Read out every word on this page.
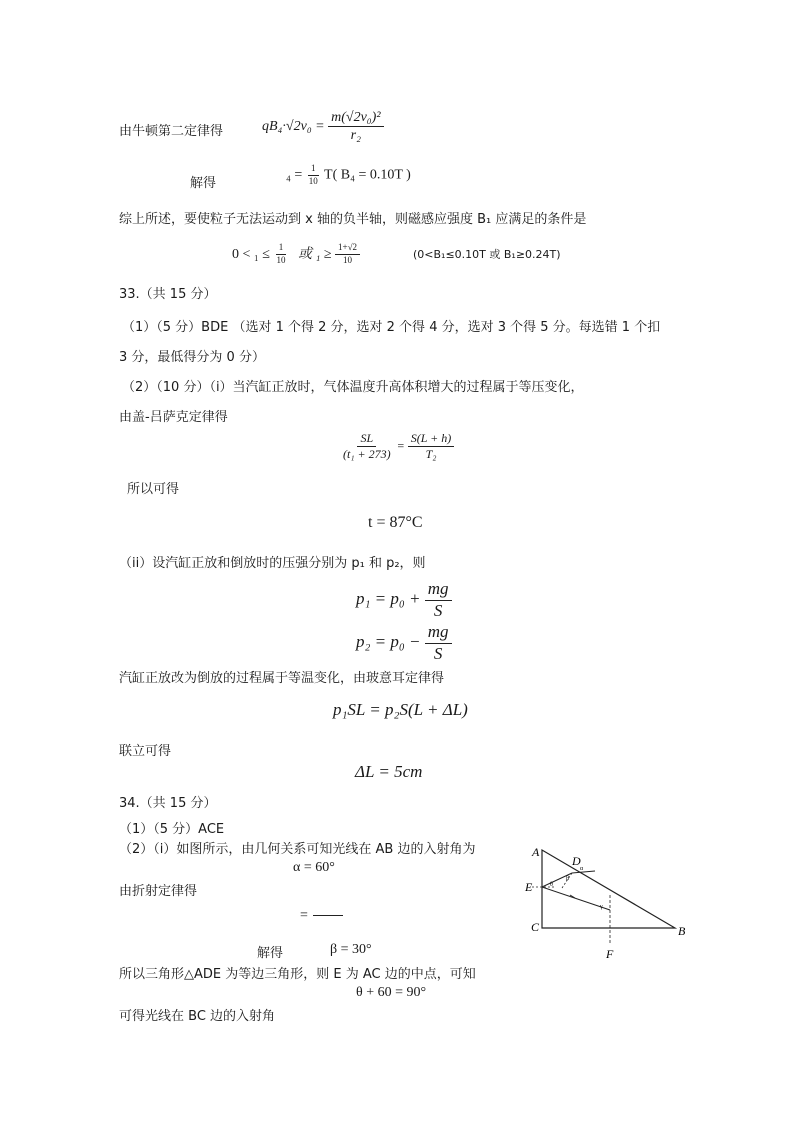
由牛顿第二定律得	$qB_4\cdot√2v_0 = \frac{\text{m(√2v₀)²}}{\text{r₂}}$
解得
$_4 = \frac{1}{10} T$( B₄ = 0.10T )
综上所述，要使粒子无法运动到 x 轴的负半轴，则磁感应强度 B₁ 应满足的条件是
$0 < _1 \le \frac{1}{10}$ 或 $_1 \ge \frac{1+√2}{10}$	(0<B₁≤0.10T 或 B₁≥0.24T)
33.（共 15 分）
（1）（5 分）BDE （选对 1 个得 2 分，选对 2 个得 4 分，选对 3 个得 5 分。每选错 1 个扣
3 分，最低得分为 0 分）
（2）（10 分）（i）当汽缸正放时，气体温度升高体积增大的过程属于等压变化，
由盖-吕萨克定律得
$\frac{SL}{\text{(t₁ + 273)}} = \frac{S(L + h)}{\text{T₂}}$
所以可得
t = 87°C
（ii）设汽缸正放和倒放时的压强分别为 p₁ 和 p₂，则
$p_1 = p_0 + \frac{mg}{S}$
$p_2 = p_0 - \frac{mg}{S}$
汽缸正放改为倒放的过程属于等温变化，由玻意耳定律得
p₁SL = p₂S(L + ΔL)
联立可得
ΔL = 5cm
34.（共 15 分）
（1）（5 分）ACE
（2）（i）如图所示，由几何关系可知光线在 AB 边的入射角为
α = 60°
由折射定律得
=
解得	β = 30°
所以三角形△ADE 为等边三角形，则 E 为 AC 边的中点，可知
θ + 60 = 90°
可得光线在 BC 边的入射角
A
B
C
D
E
F
α
β
θ
γ
